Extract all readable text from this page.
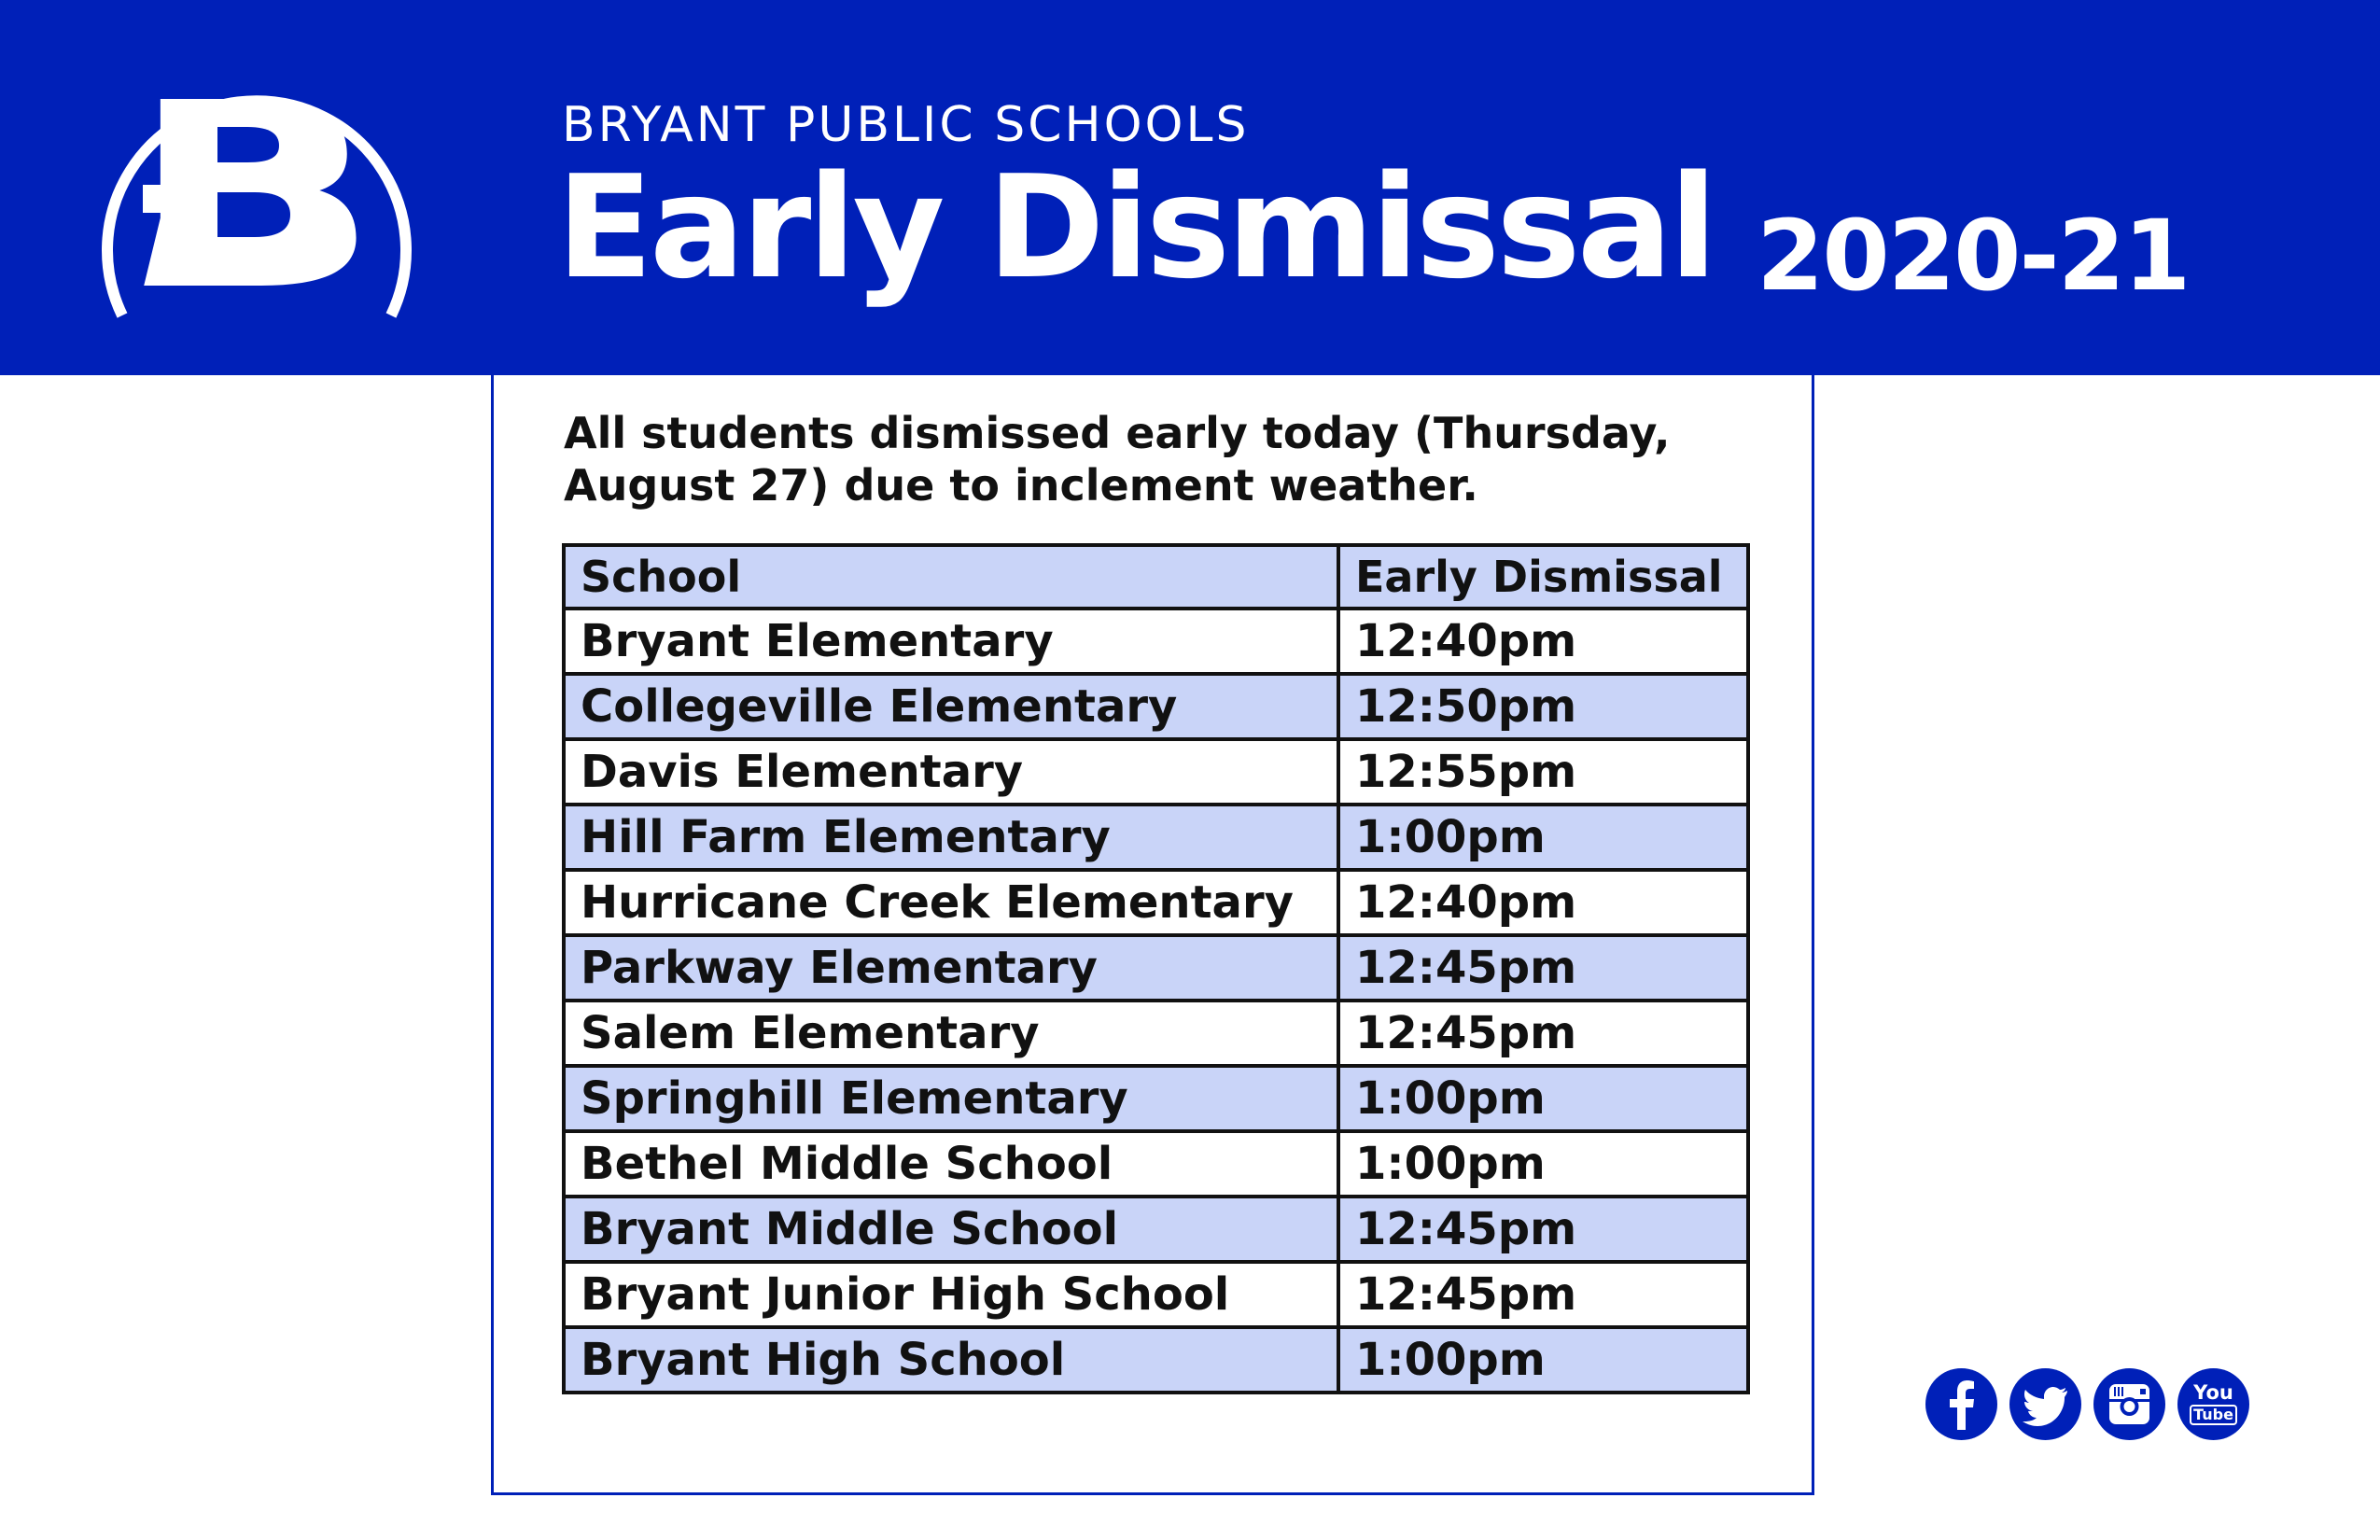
BRYANT PUBLIC SCHOOLS
Early Dismissal 2020-21
All students dismissed early today (Thursday, August 27) due to inclement weather.
School	Early Dismissal
Bryant Elementary	12:40pm
Collegeville Elementary	12:50pm
Davis Elementary	12:55pm
Hill Farm Elementary	1:00pm
Hurricane Creek Elementary	12:40pm
Parkway Elementary	12:45pm
Salem Elementary	12:45pm
Springhill Elementary	1:00pm
Bethel Middle School	1:00pm
Bryant Middle School	12:45pm
Bryant Junior High School	12:45pm
Bryant High School	1:00pm
You
Tube
